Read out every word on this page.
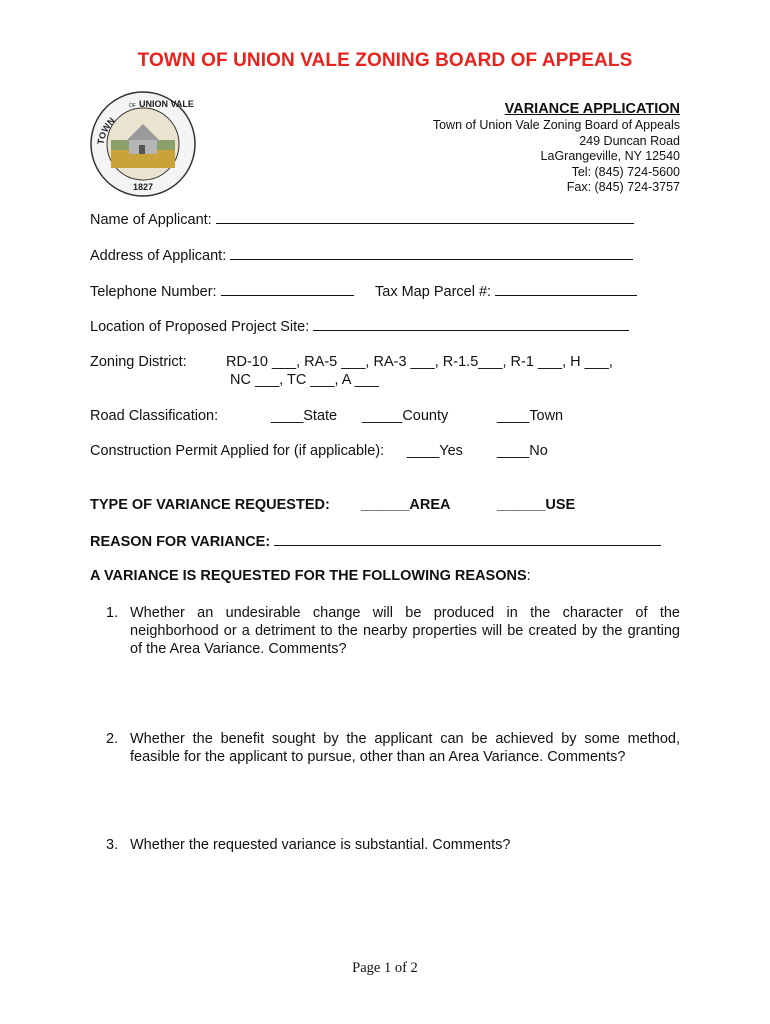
TOWN OF UNION VALE ZONING BOARD OF APPEALS
TOWN
OF UNION VALE
1827
VARIANCE APPLICATION
Town of Union Vale Zoning Board of Appeals
249 Duncan Road
LaGrangeville, NY 12540
Tel: (845) 724-5600
Fax: (845) 724-3757
Name of Applicant:
Address of Applicant:
Telephone Number:	Tax Map Parcel #:
Location of Proposed Project Site:
Zoning District:	RD-10 ___, RA-5 ___, RA-3 ___, R-1.5___, R-1 ___, H ___,
NC ___, TC ___, A ___
Road Classification:	____State _____County	____Town
Construction Permit Applied for (if applicable): ____Yes ____No
TYPE OF VARIANCE REQUESTED: ______AREA	______USE
REASON FOR VARIANCE:
A VARIANCE IS REQUESTED FOR THE FOLLOWING REASONS:
1. Whether an undesirable change will be produced in the character of the neighborhood or a detriment to the nearby properties will be created by the granting of the Area Variance. Comments?
2. Whether the benefit sought by the applicant can be achieved by some method, feasible for the applicant to pursue, other than an Area Variance. Comments?
3. Whether the requested variance is substantial. Comments?
Page 1 of 2
